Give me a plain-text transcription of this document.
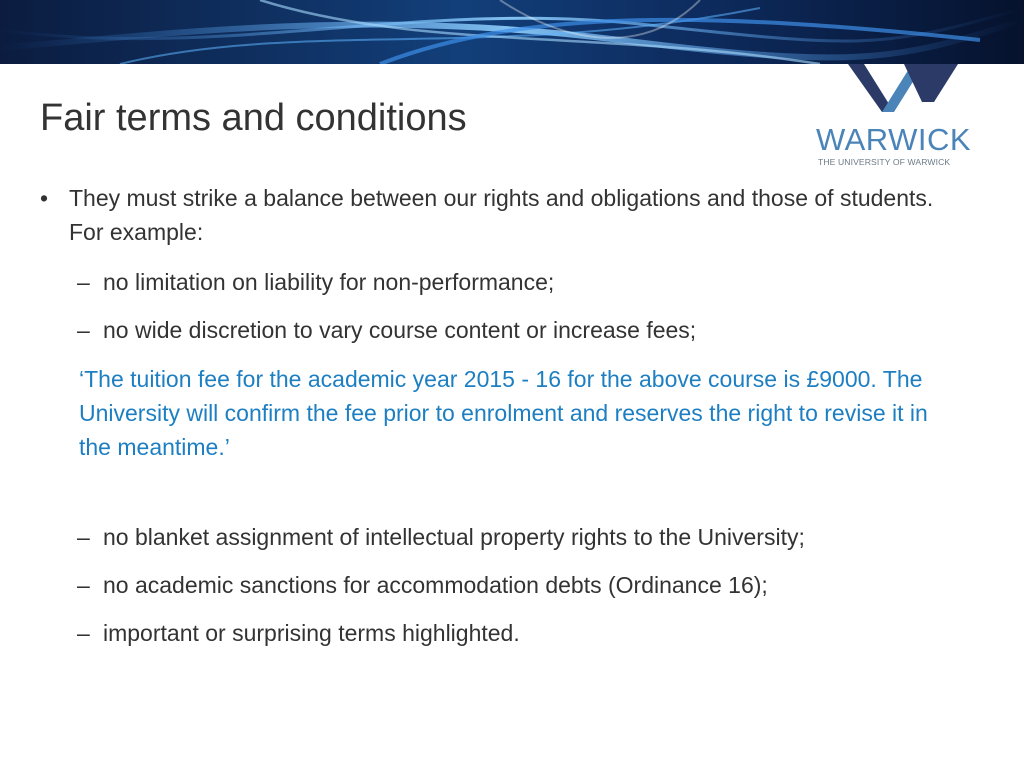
WARWICK
THE UNIVERSITY OF WARWICK
Fair terms and conditions
• They must strike a balance between our rights and obligations and those of students. For example:
– no limitation on liability for non-performance;
– no wide discretion to vary course content or increase fees;
‘The tuition fee for the academic year 2015 - 16 for the above course is £9000. The University will confirm the fee prior to enrolment and reserves the right to revise it in the meantime.’
– no blanket assignment of intellectual property rights to the University;
– no academic sanctions for accommodation debts (Ordinance 16);
– important or surprising terms highlighted.
